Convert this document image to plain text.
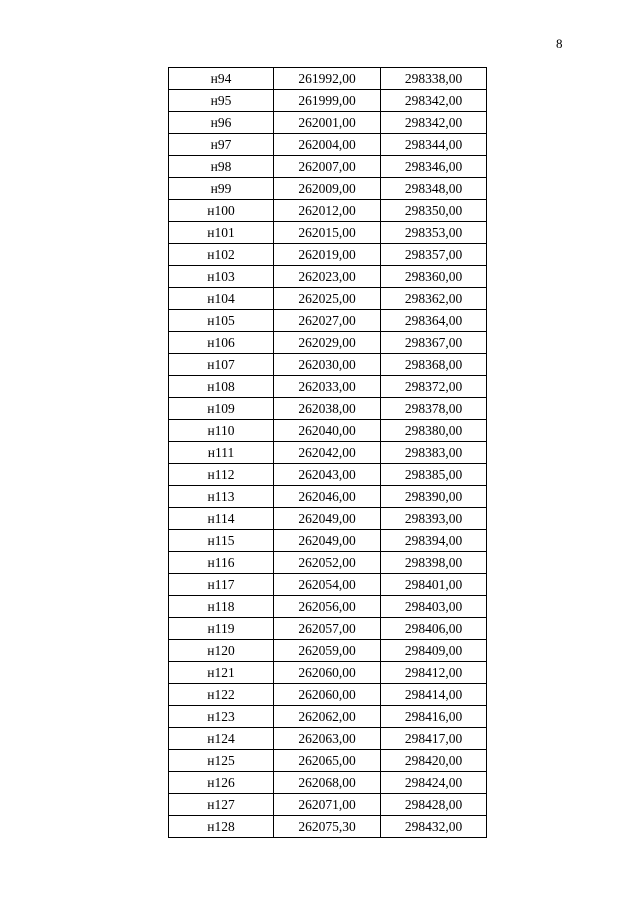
8
н94	261992,00	298338,00
н95	261999,00	298342,00
н96	262001,00	298342,00
н97	262004,00	298344,00
н98	262007,00	298346,00
н99	262009,00	298348,00
н100	262012,00	298350,00
н101	262015,00	298353,00
н102	262019,00	298357,00
н103	262023,00	298360,00
н104	262025,00	298362,00
н105	262027,00	298364,00
н106	262029,00	298367,00
н107	262030,00	298368,00
н108	262033,00	298372,00
н109	262038,00	298378,00
н110	262040,00	298380,00
н111	262042,00	298383,00
н112	262043,00	298385,00
н113	262046,00	298390,00
н114	262049,00	298393,00
н115	262049,00	298394,00
н116	262052,00	298398,00
н117	262054,00	298401,00
н118	262056,00	298403,00
н119	262057,00	298406,00
н120	262059,00	298409,00
н121	262060,00	298412,00
н122	262060,00	298414,00
н123	262062,00	298416,00
н124	262063,00	298417,00
н125	262065,00	298420,00
н126	262068,00	298424,00
н127	262071,00	298428,00
н128	262075,30	298432,00
